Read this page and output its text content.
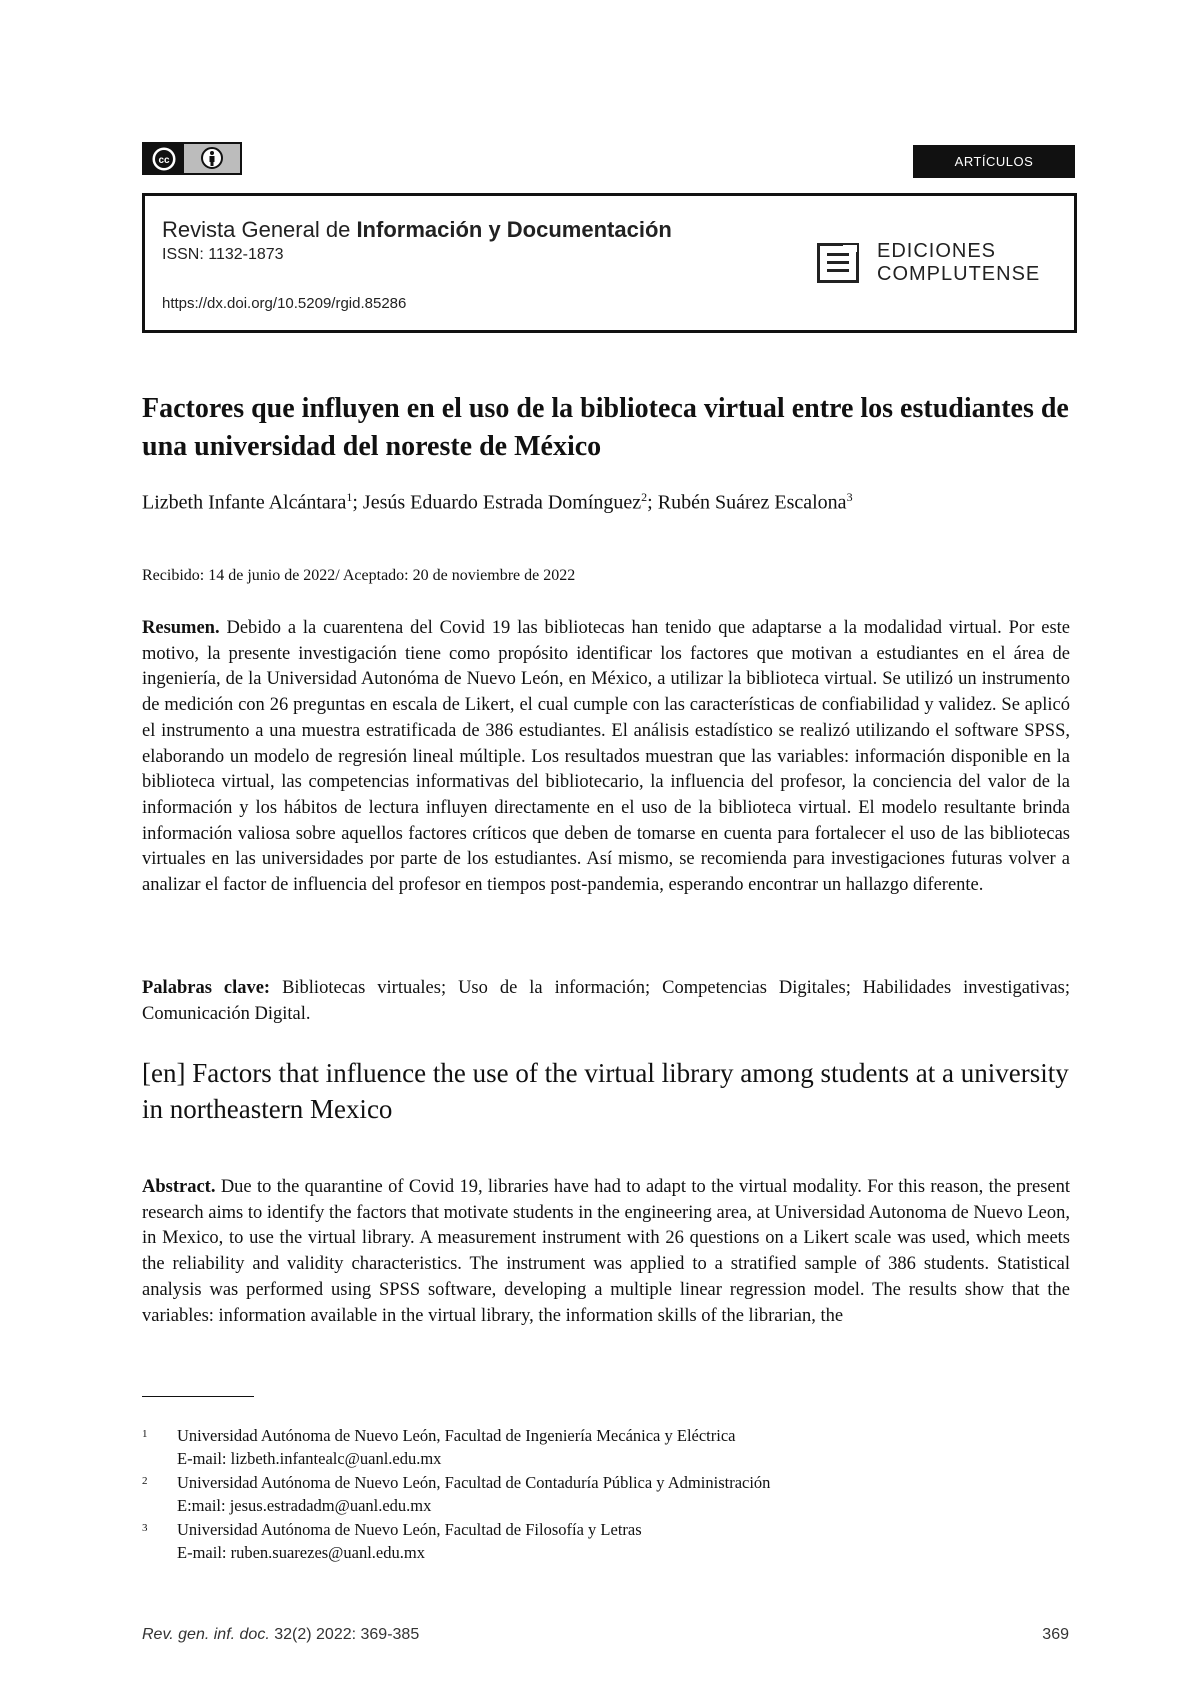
cc	ARTÍCULOS
Revista General de Información y Documentación
ISSN: 1132-1873
https://dx.doi.org/10.5209/rgid.85286
EDICIONES
COMPLUTENSE
Factores que influyen en el uso de la biblioteca virtual entre los estudiantes de una universidad del noreste de México
Lizbeth Infante Alcántara$^1$; Jesús Eduardo Estrada Domínguez$^2$; Rubén Suárez Escalona$^3$
Recibido: 14 de junio de 2022/ Aceptado: 20 de noviembre de 2022

Resumen. Debido a la cuarentena del Covid 19 las bibliotecas han tenido que adaptarse a la modalidad virtual. Por este motivo, la presente investigación tiene como propósito identificar los factores que motivan a estudiantes en el área de ingeniería, de la Universidad Autonóma de Nuevo León, en México, a utilizar la biblioteca virtual. Se utilizó un instrumento de medición con 26 preguntas en escala de Likert, el cual cumple con las características de confiabilidad y validez. Se aplicó el instrumento a una muestra estratificada de 386 estudiantes. El análisis estadístico se realizó utilizando el software SPSS, elaborando un modelo de regresión lineal múltiple. Los resultados muestran que las variables: información disponible en la biblioteca virtual, las competencias informativas del bibliotecario, la influencia del profesor, la conciencia del valor de la información y los hábitos de lectura influyen directamente en el uso de la biblioteca virtual. El modelo resultante brinda información valiosa sobre aquellos factores críticos que deben de tomarse en cuenta para fortalecer el uso de las bibliotecas virtuales en las universidades por parte de los estudiantes. Así mismo, se recomienda para investigaciones futuras volver a analizar el factor de influencia del profesor en tiempos post-pandemia, esperando encontrar un hallazgo diferente.

Palabras clave: Bibliotecas virtuales; Uso de la información; Competencias Digitales; Habilidades investigativas; Comunicación Digital.

[en] Factors that influence the use of the virtual library among students at a university in northeastern Mexico

Abstract. Due to the quarantine of Covid 19, libraries have had to adapt to the virtual modality. For this reason, the present research aims to identify the factors that motivate students in the engineering area, at Universidad Autonoma de Nuevo Leon, in Mexico, to use the virtual library. A measurement instrument with 26 questions on a Likert scale was used, which meets the reliability and validity characteristics. The instrument was applied to a stratified sample of 386 students. Statistical analysis was performed using SPSS software, developing a multiple linear regression model. The results show that the variables: information available in the virtual library, the information skills of the librarian, the

1 Universidad Autónoma de Nuevo León, Facultad de Ingeniería Mecánica y Eléctrica
E-mail: lizbeth.infantealc@uanl.edu.mx
2 Universidad Autónoma de Nuevo León, Facultad de Contaduría Pública y Administración
E:mail: jesus.estradadm@uanl.edu.mx
3 Universidad Autónoma de Nuevo León, Facultad de Filosofía y Letras
E-mail: ruben.suarezes@uanl.edu.mx
Rev. gen. inf. doc. 32(2) 2022: 369-385	369
